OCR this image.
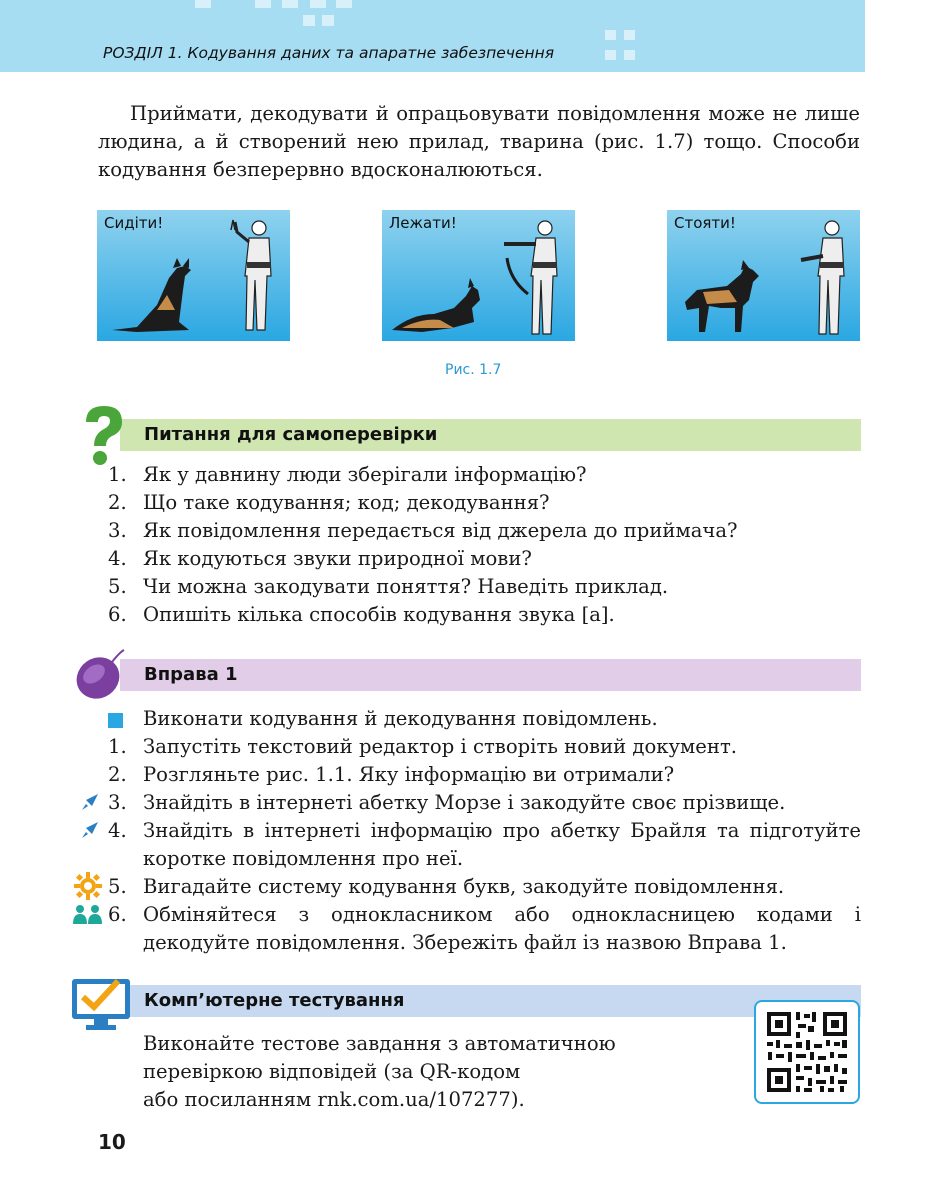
РОЗДІЛ 1. Кодування даних та апаратне забезпечення

Приймати, декодувати й опрацьовувати повідомлення може не лише людина, а й створений нею прилад, тварина (рис. 1.7) тощо. Способи кодування безперервно вдосконалюються.

Сидіти!	Лежати!	Стояти!
Рис. 1.7
Питання для самоперевірки
1. Як у давнину люди зберігали інформацію?
2. Що таке кодування; код; декодування?
3. Як повідомлення передається від джерела до приймача?
4. Як кодуються звуки природної мови?
5. Чи можна закодувати поняття? Наведіть приклад.
6. Опишіть кілька способів кодування звука [а].
Вправа 1
Виконати кодування й декодування повідомлень.
1. Запустіть текстовий редактор і створіть новий документ.
2. Розгляньте рис. 1.1. Яку інформацію ви отримали?
3. Знайдіть в інтернеті абетку Морзе і закодуйте своє прізвище.
4. Знайдіть в інтернеті інформацію про абетку Брайля та підготуйте коротке повідомлення про неї.
5. Вигадайте систему кодування букв, закодуйте повідомлення.
6. Обміняйтеся з однокласником або однокласницею кодами і декодуйте повідомлення. Збережіть файл із назвою Вправа 1.
Комп’ютерне тестування
Виконайте тестове завдання з автоматичною
перевіркою відповідей (за QR-кодом
або посиланням rnk.com.ua/107277).
10
